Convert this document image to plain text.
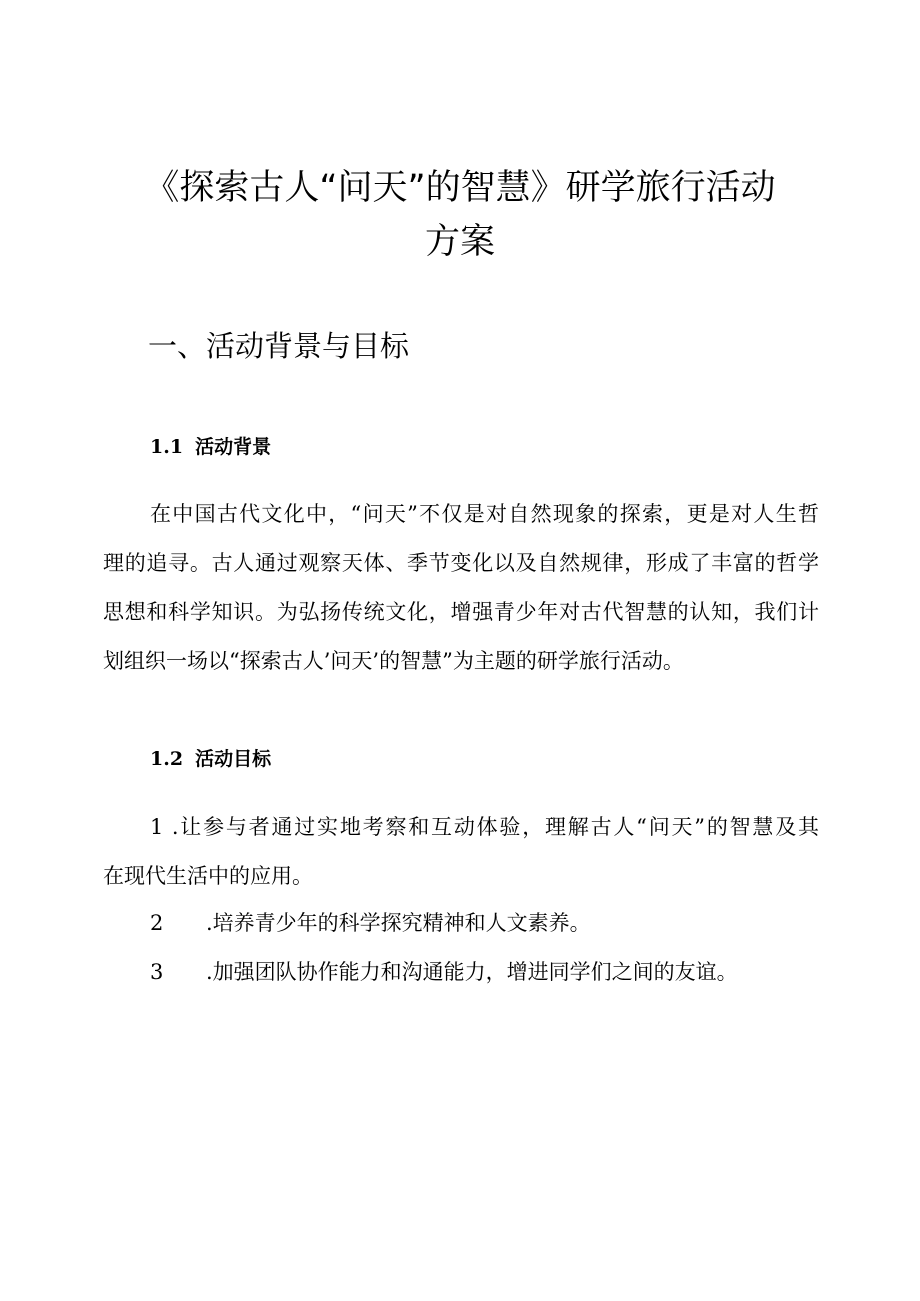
《探索古人“问天”的智慧》研学旅行活动
方案
一、活动背景与目标
1.1 活动背景
在中国古代文化中，“问天”不仅是对自然现象的探索，更是对人生哲
理的追寻。古人通过观察天体、季节变化以及自然规律，形成了丰富的哲学
思想和科学知识。为弘扬传统文化，增强青少年对古代智慧的认知，我们计
划组织一场以“探索古人’问天’的智慧”为主题的研学旅行活动。
1.2 活动目标
1 .让参与者通过实地考察和互动体验，理解古人“问天”的智慧及其
在现代生活中的应用。
2 .培养青少年的科学探究精神和人文素养。
3 .加强团队协作能力和沟通能力，增进同学们之间的友谊。
